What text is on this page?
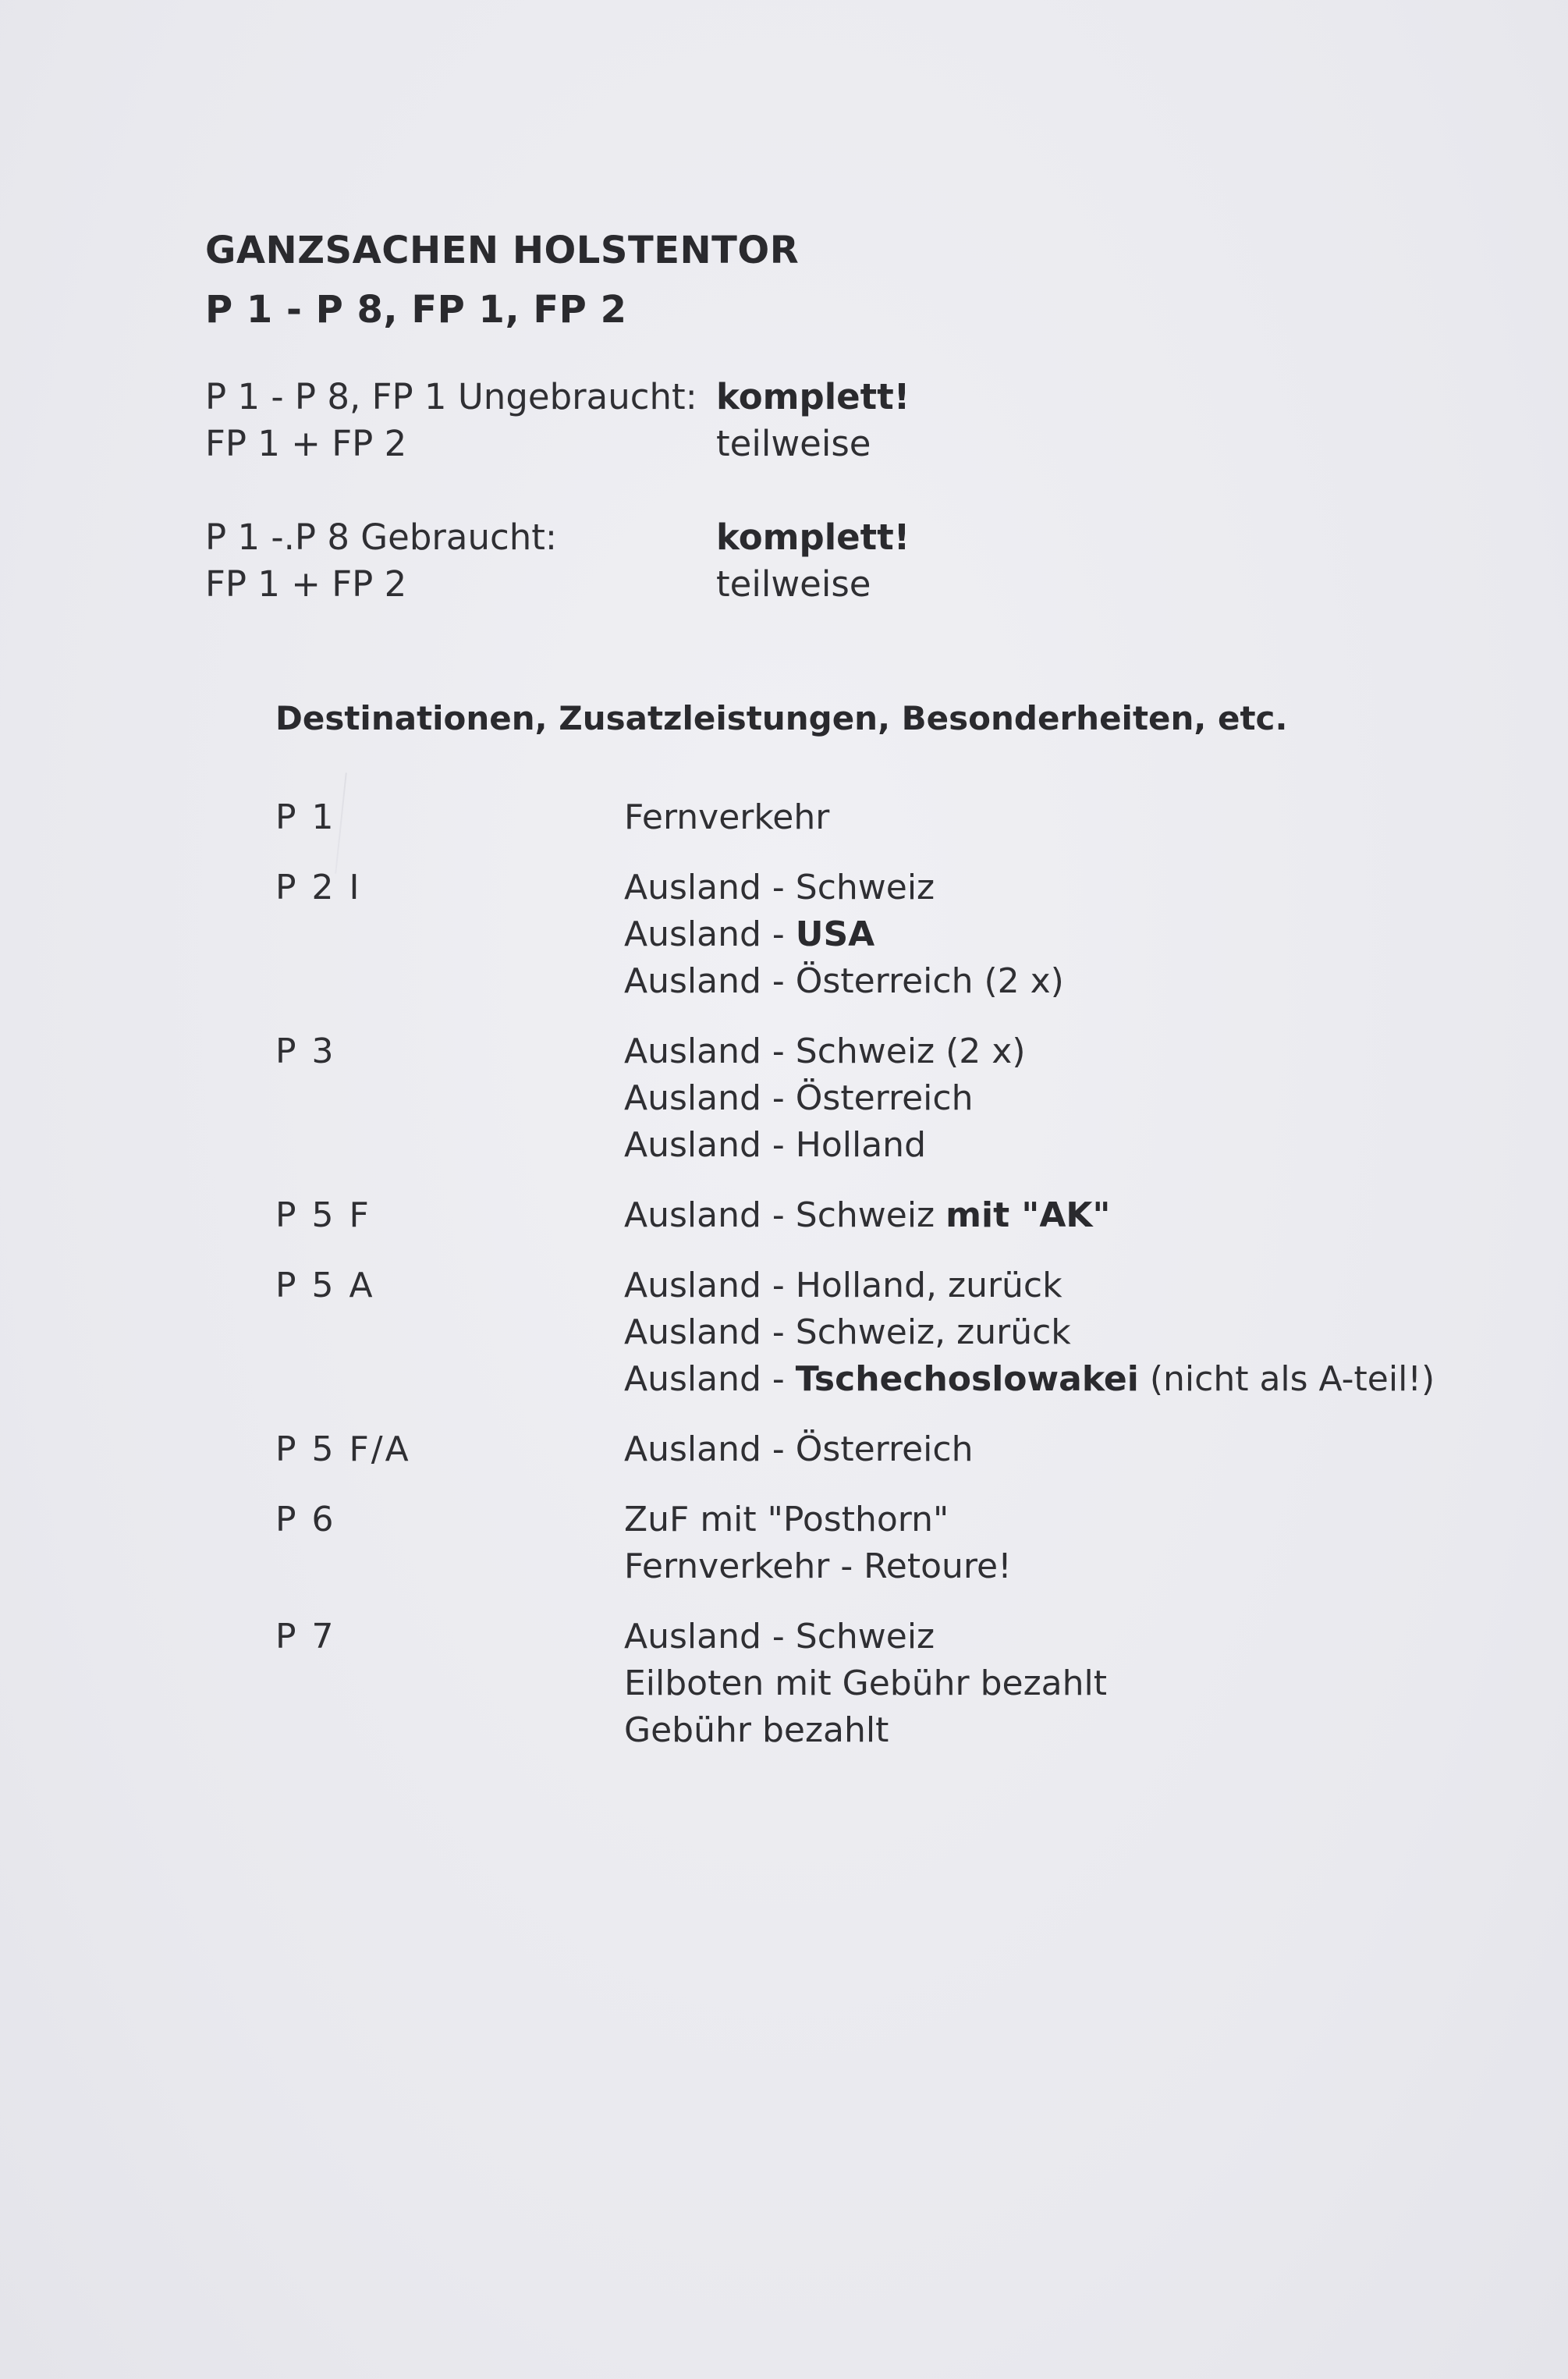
GANZSACHEN HOLSTENTOR
P 1 - P 8, FP 1, FP 2
P 1 - P 8, FP 1 Ungebraucht: komplett!
FP 1 + FP 2	teilweise
P 1 -.P 8 Gebraucht:	komplett!
FP 1 + FP 2	teilweise
Destinationen, Zusatzleistungen, Besonderheiten, etc.
P 1	Fernverkehr
P 2 I	Ausland - Schweiz
Ausland - USA
Ausland - Österreich (2 x)
P 3	Ausland - Schweiz (2 x)
Ausland - Österreich
Ausland - Holland
P 5 F	Ausland - Schweiz mit "AK"
P 5 A	Ausland - Holland, zurück
Ausland - Schweiz, zurück
Ausland - Tschechoslowakei (nicht als A-teil!)
P 5 F/A	Ausland - Österreich
P 6	ZuF mit "Posthorn"
Fernverkehr - Retoure!
P 7	Ausland - Schweiz
Eilboten mit Gebühr bezahlt
Gebühr bezahlt
